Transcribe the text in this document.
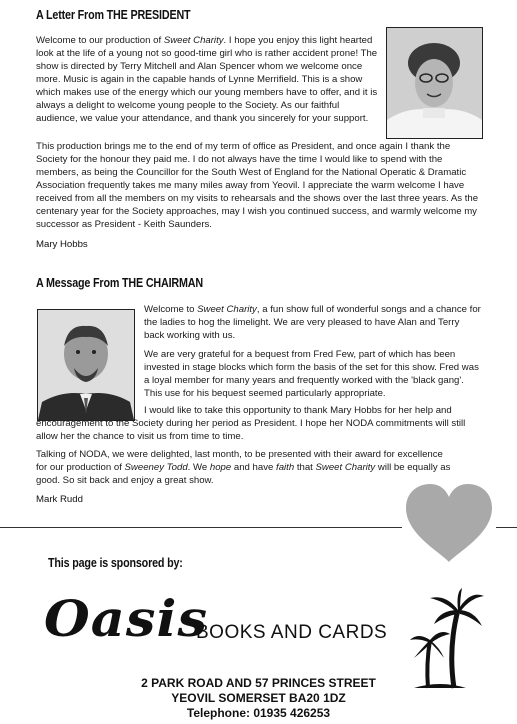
A Letter From THE PRESIDENT

Welcome to our production of Sweet Charity. I hope you enjoy this light hearted look at the life of a young not so good-time girl who is rather accident prone! The show is directed by Terry Mitchell and Alan Spencer whom we welcome once more. Music is again in the capable hands of Lynne Merrifield. This is a show which makes use of the energy which our young members have to offer, and it is always a delight to welcome young people to the Society. As our faithful audience, we value your attendance, and thank you sincerely for your support.

This production brings me to the end of my term of office as President, and once again I thank the Society for the honour they paid me. I do not always have the time I would like to spend with the members, as being the Councillor for the South West of England for the National Operatic & Dramatic Association frequently takes me many miles away from Yeovil. I appreciate the warm welcome I have received from all the members on my visits to rehearsals and the shows over the last three years. As the centenary year for the Society approaches, may I wish you continued success, and warmly welcome my successor as President - Keith Saunders.

Mary Hobbs
A Message From THE CHAIRMAN

Welcome to Sweet Charity, a fun show full of wonderful songs and a chance for the ladies to hog the limelight. We are very pleased to have Alan and Terry back working with us.

We are very grateful for a bequest from Fred Few, part of which has been invested in stage blocks which form the basis of the set for this show. Fred was a loyal member for many years and frequently worked with the 'black gang'. This use for his bequest seemed particularly appropriate.

I would like to take this opportunity to thank Mary Hobbs for her help and encouragement to the Society during her period as President. I hope her NODA commitments will still allow her the chance to visit us from time to time.

Talking of NODA, we were delighted, last month, to be presented with their award for excellence for our production of Sweeney Todd. We hope and have faith that Sweet Charity will be equally as good. So sit back and enjoy a great show.

Mark Rudd
This page is sponsored by:
Oasis
BOOKS AND CARDS
2 PARK ROAD AND 57 PRINCES STREET
YEOVIL SOMERSET BA20 1DZ
Telephone: 01935 426253
